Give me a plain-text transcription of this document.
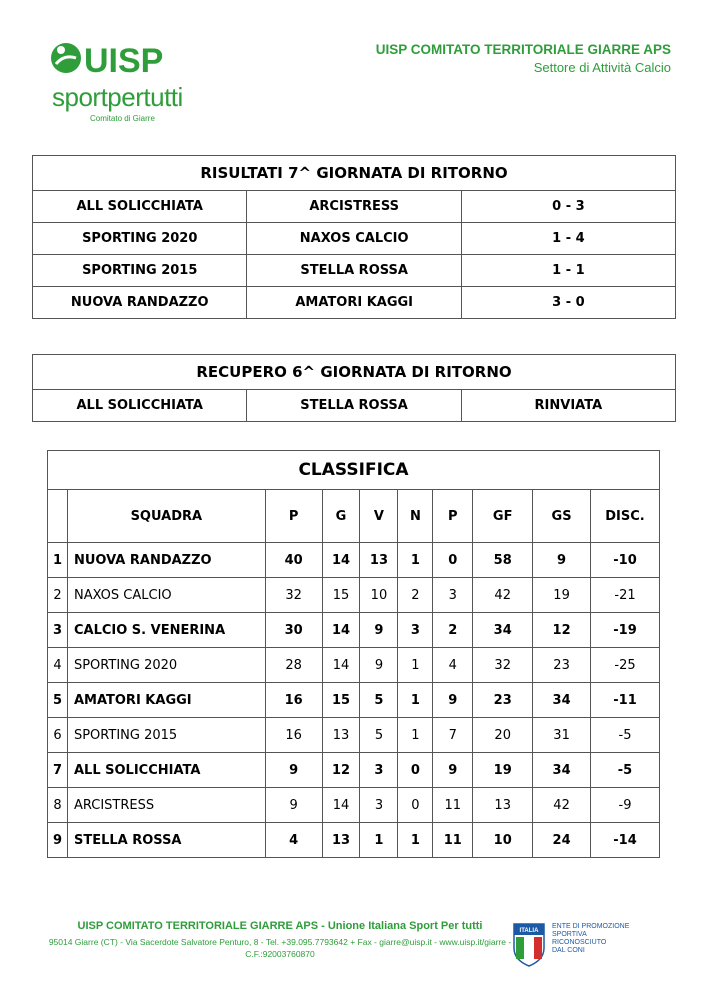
UISP
sportpertutti
Comitato di Giarre
UISP COMITATO TERRITORIALE GIARRE APS
Settore di Attività Calcio
RISULTATI 7^ GIORNATA DI RITORNO		
ALL SOLICCHIATA	ARCISTRESS	0 - 3
SPORTING 2020	NAXOS CALCIO	1 - 4
SPORTING 2015	STELLA ROSSA	1 - 1
NUOVA RANDAZZO	AMATORI KAGGI	3 - 0
RECUPERO 6^ GIORNATA DI RITORNO
ALL SOLICCHIATA	STELLA ROSSA	RINVIATA
CLASSIFICA									
	SQUADRA	P	G	V	N	P	GF	GS	DISC.
1	NUOVA RANDAZZO	40	14	13	1	0	58	9	-10
2	NAXOS CALCIO	32	15	10	2	3	42	19	-21
3	CALCIO S. VENERINA	30	14	9	3	2	34	12	-19
4	SPORTING 2020	28	14	9	1	4	32	23	-25
5	AMATORI KAGGI	16	15	5	1	9	23	34	-11
6	SPORTING 2015	16	13	5	1	7	20	31	-5
7	ALL SOLICCHIATA	9	12	3	0	9	19	34	-5
8	ARCISTRESS	9	14	3	0	11	13	42	-9
9	STELLA ROSSA	4	13	1	1	11	10	24	-14
UISP COMITATO TERRITORIALE GIARRE APS - Unione Italiana Sport Per tutti
95014 Giarre (CT) - Via Sacerdote Salvatore Penturo, 8 - Tel. +39.095.7793642 + Fax - giarre@uisp.it - www.uisp.it/giarre -
C.F.:92003760870
ITALIA
ENTE DI PROMOZIONE
SPORTIVA
RICONOSCIUTO
DAL CONI
